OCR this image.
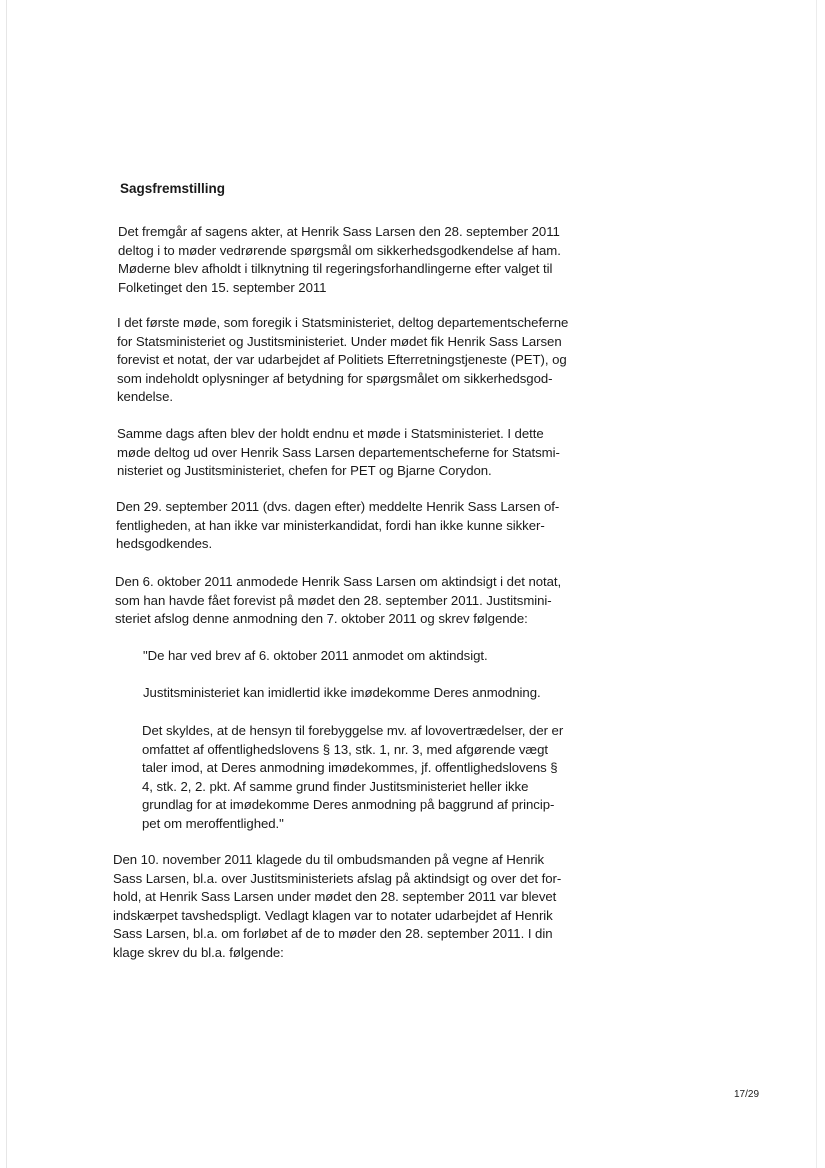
Sagsfremstilling

Det fremgår af sagens akter, at Henrik Sass Larsen den 28. september 2011
deltog i to møder vedrørende spørgsmål om sikkerhedsgodkendelse af ham.
Møderne blev afholdt i tilknytning til regeringsforhandlingerne efter valget til
Folketinget den 15. september 2011

I det første møde, som foregik i Statsministeriet, deltog departementscheferne
for Statsministeriet og Justitsministeriet. Under mødet fik Henrik Sass Larsen
forevist et notat, der var udarbejdet af Politiets Efterretningstjeneste (PET), og
som indeholdt oplysninger af betydning for spørgsmålet om sikkerhedsgod-
kendelse.

Samme dags aften blev der holdt endnu et møde i Statsministeriet. I dette
møde deltog ud over Henrik Sass Larsen departementscheferne for Statsmi-
nisteriet og Justitsministeriet, chefen for PET og Bjarne Corydon.

Den 29. september 2011 (dvs. dagen efter) meddelte Henrik Sass Larsen of-
fentligheden, at han ikke var ministerkandidat, fordi han ikke kunne sikker-
hedsgodkendes.

Den 6. oktober 2011 anmodede Henrik Sass Larsen om aktindsigt i det notat,
som han havde fået forevist på mødet den 28. september 2011. Justitsmini-
steriet afslog denne anmodning den 7. oktober 2011 og skrev følgende:

"De har ved brev af 6. oktober 2011 anmodet om aktindsigt.

Justitsministeriet kan imidlertid ikke imødekomme Deres anmodning.

Det skyldes, at de hensyn til forebyggelse mv. af lovovertrædelser, der er
omfattet af offentlighedslovens § 13, stk. 1, nr. 3, med afgørende vægt
taler imod, at Deres anmodning imødekommes, jf. offentlighedslovens §
4, stk. 2, 2. pkt. Af samme grund finder Justitsministeriet heller ikke
grundlag for at imødekomme Deres anmodning på baggrund af princip-
pet om meroffentlighed."

Den 10. november 2011 klagede du til ombudsmanden på vegne af Henrik
Sass Larsen, bl.a. over Justitsministeriets afslag på aktindsigt og over det for-
hold, at Henrik Sass Larsen under mødet den 28. september 2011 var blevet
indskærpet tavshedspligt. Vedlagt klagen var to notater udarbejdet af Henrik
Sass Larsen, bl.a. om forløbet af de to møder den 28. september 2011. I din
klage skrev du bl.a. følgende:

17/29
